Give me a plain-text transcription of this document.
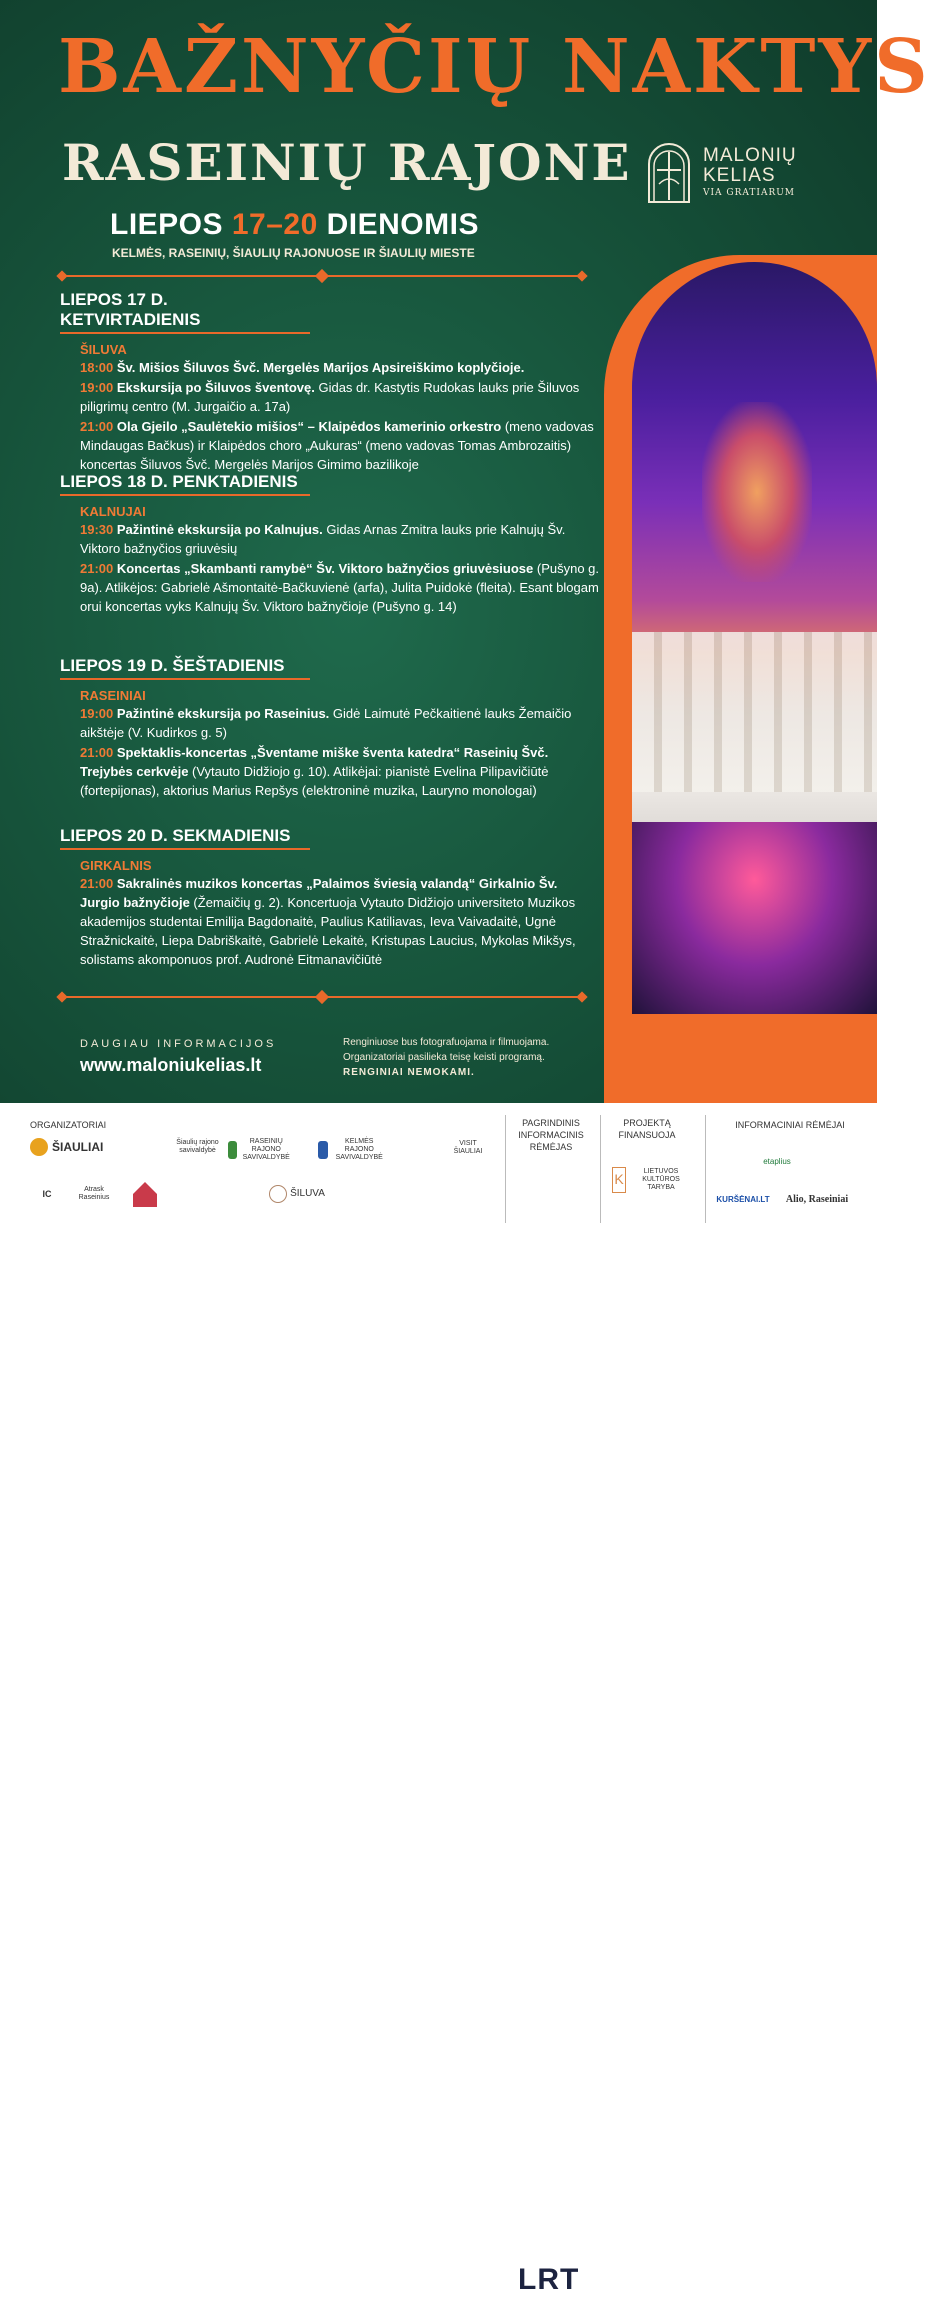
BAŽNYČIŲ NAKTYS
RASEINIŲ RAJONE	MALONIŲ
KELIAS
VIA GRATIARUM
LIEPOS 17–20 DIENOMIS
KELMĖS, RASEINIŲ, ŠIAULIŲ RAJONUOSE IR ŠIAULIŲ MIESTE
LIEPOS 17 D. KETVIRTADIENIS
ŠILUVA
18:00 Šv. Mišios Šiluvos Švč. Mergelės Marijos Apsireiškimo koplyčioje.
19:00 Ekskursija po Šiluvos šventovę. Gidas dr. Kastytis Rudokas lauks prie Šiluvos piligrimų centro (M. Jurgaičio a. 17a)
21:00 Ola Gjeilo „Saulėtekio mišios“ – Klaipėdos kamerinio orkestro (meno vadovas Mindaugas Bačkus) ir Klaipėdos choro „Aukuras“ (meno vadovas Tomas Ambrozaitis) koncertas Šiluvos Švč. Mergelės Marijos Gimimo bazilikoje
LIEPOS 18 D. PENKTADIENIS
KALNUJAI
19:30 Pažintinė ekskursija po Kalnujus. Gidas Arnas Zmitra lauks prie Kalnujų Šv. Viktoro bažnyčios griuvėsių
21:00 Koncertas „Skambanti ramybė“ Šv. Viktoro bažnyčios griuvėsiuose (Pušyno g. 9a). Atlikėjos: Gabrielė Ašmontaitė-Bačkuvienė (arfa), Julita Puidokė (fleita). Esant blogam orui koncertas vyks Kalnujų Šv. Viktoro bažnyčioje (Pušyno g. 14)
LIEPOS 19 D. ŠEŠTADIENIS
RASEINIAI
19:00 Pažintinė ekskursija po Raseinius. Gidė Laimutė Pečkaitienė lauks Žemaičio aikštėje (V. Kudirkos g. 5)
21:00 Spektaklis-koncertas „Šventame miške šventa katedra“ Raseinių Švč. Trejybės cerkvėje (Vytauto Didžiojo g. 10). Atlikėjai: pianistė Evelina Pilipavičiūtė (fortepijonas), aktorius Marius Repšys (elektroninė muzika, Lauryno monologai)
LIEPOS 20 D. SEKMADIENIS
GIRKALNIS
21:00 Sakralinės muzikos koncertas „Palaimos šviesią valandą“ Girkalnio Šv. Jurgio bažnyčioje (Žemaičių g. 2). Koncertuoja Vytauto Didžiojo universiteto Muzikos akademijos studentai Emilija Bagdonaitė, Paulius Katiliavas, Ieva Vaivadaitė, Ugnė Stražnickaitė, Liepa Dabriškaitė, Gabrielė Lekaitė, Kristupas Laucius, Mykolas Mikšys, solistams akomponuos prof. Audronė Eitmanavičiūtė
DAUGIAU INFORMACIJOS
www.maloniukelias.lt
Renginiuose bus fotografuojama ir filmuojama. Organizatoriai pasilieka teisę keisti programą.
RENGINIAI NEMOKAMI.
ORGANIZATORIAI	PAGRINDINIS INFORMACINIS RĖMĖJAS
PROJEKTĄ FINANSUOJA
INFORMACINIAI RĖMĖJAI
ŠIAULIAI	Šiaulių rajono savivaldybė
RASEINIŲ RAJONO SAVIVALDYBĖ
KELMĖS RAJONO SAVIVALDYBĖ
VISIT ŠIAULIAI
IC	Atrask Raseinius	ŠILUVA
LRT
K	LIETUVOS KULTŪROS TARYBA
etaplius
KURŠĖNAI.LT Alio, Raseiniai
